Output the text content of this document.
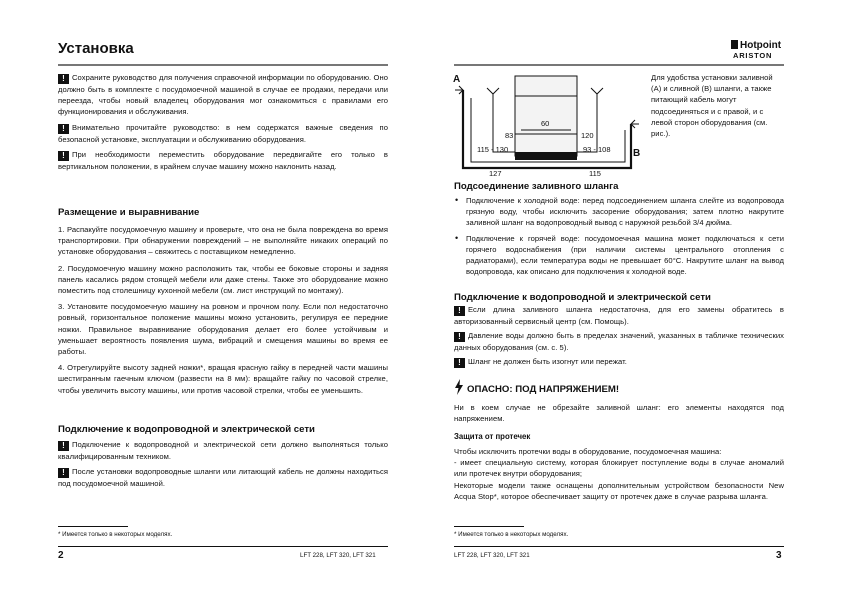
Установка

! Сохраните руководство для получения справочной информации по оборудованию. Оно должно быть в комплекте с посудомоечной машиной в случае ее продажи, передачи или переезда, чтобы новый владелец оборудования мог ознакомиться с правилами его функционирования и обслуживания.

! Внимательно прочитайте руководство: в нем содержатся важные сведения по безопасной установке, эксплуатации и обслуживанию оборудования.

! При необходимости переместить оборудование передвигайте его только в вертикальном положении, в крайнем случае машину можно наклонить назад.

Размещение и выравнивание

1. Распакуйте посудомоечную машину и проверьте, что она не была повреждена во время транспортировки. При обнаружении повреждений – не выполняйте никаких операций по установке оборудования – свяжитесь с поставщиком немедленно.

2. Посудомоечную машину можно расположить так, чтобы ее боковые стороны и задняя панель касались рядом стоящей мебели или даже стены. Также это оборудование можно поместить под столешницу кухонной мебели (см. лист инструкций по монтажу).

3. Установите посудомоечную машину на ровном и прочном полу. Если пол недостаточно ровный, горизонтальное положение машины можно установить, регулируя ее передние ножки. Правильное выравнивание оборудования делает его более устойчивым и уменьшает вероятность появления шума, вибраций и смещения машины во время ее работы.

4. Отрегулируйте высоту задней ножки*, вращая красную гайку в передней части машины шестигранным гаечным ключом (развести на 8 мм): вращайте гайку по часовой стрелке, чтобы увеличить высоту машины, или против часовой стрелки, чтобы ее уменьшить.

Подключение к водопроводной и электрической сети

! Подключение к водопроводной и электрической сети должно выполняться только квалифицированным техником.

! После установки водопроводные шланги или литающий кабель не должны находиться под посудомоечной машиной.

* Имеется только в некоторых моделях.
2	LFT 228, LFT 320, LFT 321
Hotpoint
ARISTON
A
B
60
83	120
115 - 130	93 - 108
127	115

Для удобства установки заливной (А) и сливной (В) шланги, а также питающий кабель могут подсоединяться и с правой, и с левой сторон оборудования (см. рис.).

Подсоединение заливного шланга
• Подключение к холодной воде: перед подсоединением шланга слейте из водопровода грязную воду, чтобы исключить засорение оборудования; затем плотно накрутите заливной шланг на водопроводный вывод с наружной резьбой 3/4 дюйма.
• Подключение к горячей воде: посудомоечная машина может подключаться к сети горячего водоснабжения (при наличии системы центрального отопления с радиаторами), если температура воды не превышает 60°С. Накрутите шланг на вывод водопровода, как описано для подключения к холодной воде.
Подключение к водопроводной и электрической сети

! Если длина заливного шланга недостаточна, для его замены обратитесь в авторизованный сервисный центр (см. Помощь).

! Давление воды должно быть в пределах значений, указанных в табличке технических данных оборудования (см. с. 5).

! Шланг не должен быть изогнут или пережат.

ОПАСНО: ПОД НАПРЯЖЕНИЕМ!

Ни в коем случае не обрезайте заливной шланг: его элементы находятся под напряжением.

Защита от протечек

Чтобы исключить протечки воды в оборудование, посудомоечная машина:

- имеет специальную систему, которая блокирует поступление воды в случае аномалий или протечек внутри оборудования;

Некоторые модели также оснащены дополнительным устройством безопасности New Acqua Stop*, которое обеспечивает защиту от протечек даже в случае разрыва шланга.

* Имеется только в некоторых моделях.
LFT 228, LFT 320, LFT 321	3
